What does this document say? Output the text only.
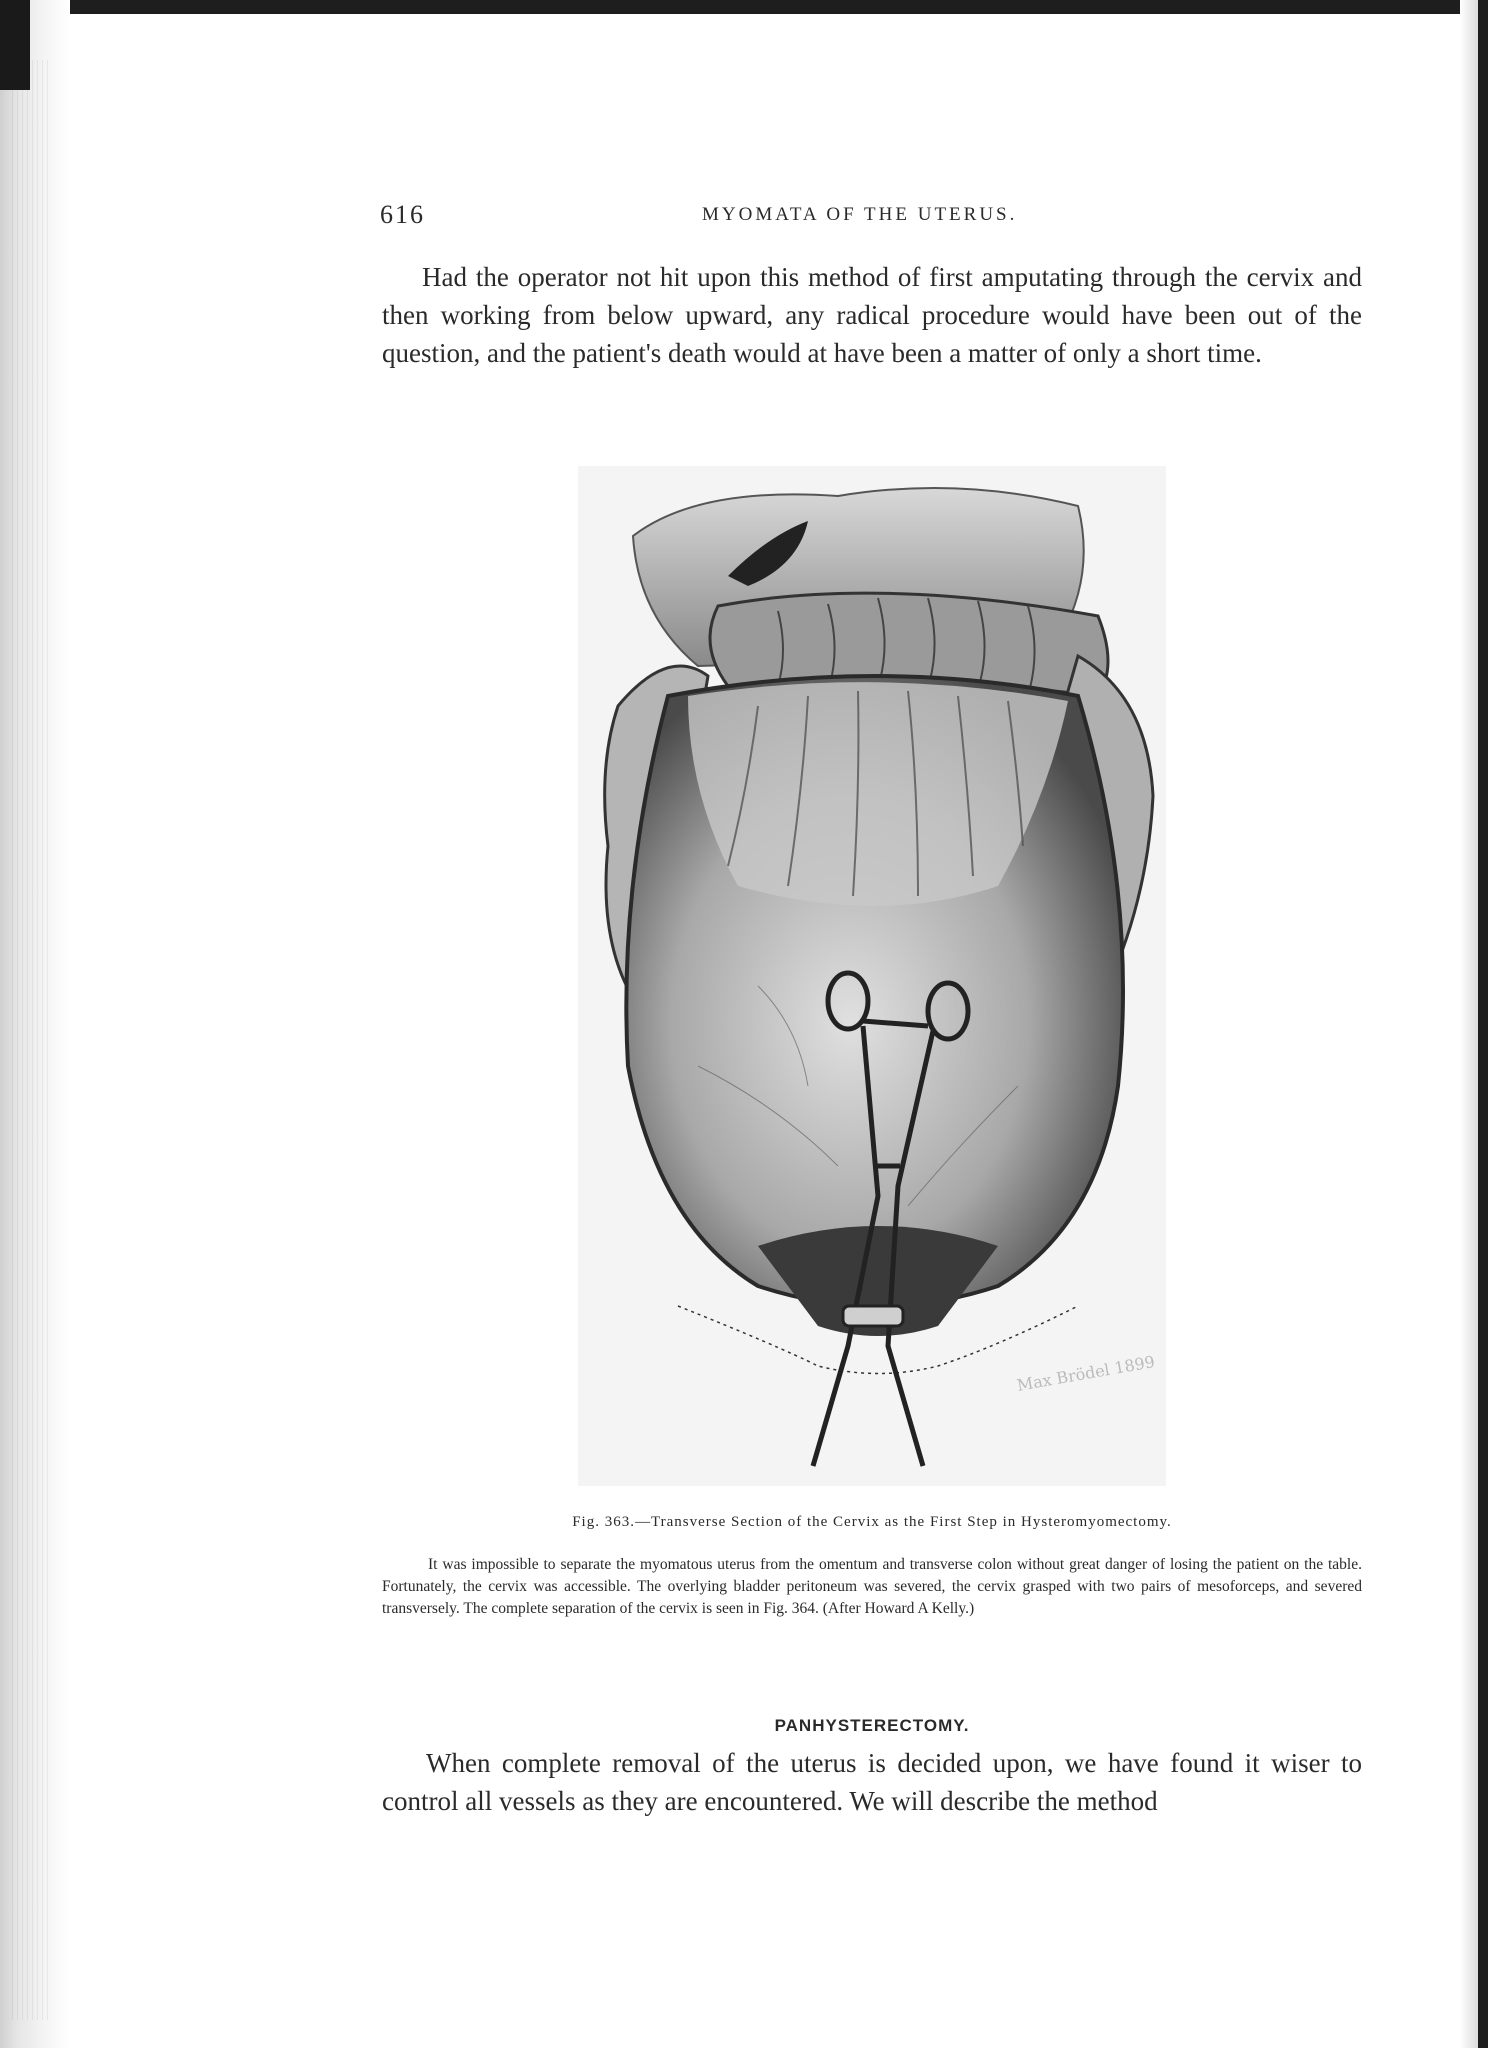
616	MYOMATA OF THE UTERUS.

Had the operator not hit upon this method of first amputating through the cervix and then working from below upward, any radical procedure would have been out of the question, and the patient's death would at have been a matter of only a short time.

Max Brödel 1899
Fig. 363.—Transverse Section of the Cervix as the First Step in Hysteromyomectomy.

It was impossible to separate the myomatous uterus from the omentum and transverse colon without great danger of losing the patient on the table. Fortunately, the cervix was accessible. The overlying bladder peritoneum was severed, the cervix grasped with two pairs of mesoforceps, and severed transversely. The complete separation of the cervix is seen in Fig. 364. (After Howard A Kelly.)

PANHYSTERECTOMY.

When complete removal of the uterus is decided upon, we have found it wiser to control all vessels as they are encountered. We will describe the method
